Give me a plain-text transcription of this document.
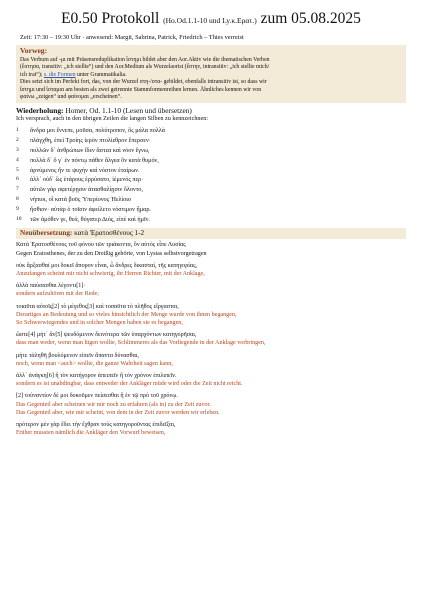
E0.50 Protokoll (Ho.Od.1.1-10 und Ly.κ.Ερατ.) zum 05.08.2025
Zeit: 17:30 – 19:30 Uhr · anwesend: Margit, Sabrina, Patrick, Friedrich – Thies verreist
Vorweg:

Das Verbum auf -μι mit Präsensreduplikation ἵστημι bildet aber den Aor.Aktiv wie die thematischen Verben
(ἔστησα, transitiv: „ich stellte“) und den Aor.Medium als Wurzelaorist (ἔστην, intransitiv: „ich stellte mich/
ich trat“); s. die Formen unter Grammatikalia.
Dies setzt sich im Perfekt fort, das, von der Wurzel στη-/στα- gebildet, ebenfalls intransitiv ist, so dass wir
ἵστημι und ἵσταμαι am besten als zwei getrennte Stammformenreihen lernen. Ähnliches kennen wir von
φαίνω „zeigen“ und φαίνομαι „erscheinen“.

Wiederholung: Homer, Od. 1.1-10 (Lesen und übersetzen)
Ich versprach, auch in den übrigen Zeilen die langen Silben zu kennzeichnen:
1	ἄνδρα μοι ἔννεπε, μοῦσα, πολύτροπον, ὃς μάλα πολλὰ
2	πλάγχθη, ἐπεὶ Τροίης ἱερὸν πτολίεθρον ἔπερσεν·
3	πολλῶν δ᾽ ἀνθρώπων ἴδεν ἄστεα καὶ νόον ἔγνω,
4	πολλὰ δ᾽ ὅ γ᾽ ἐν πόντῳ πάθεν ἄλγεα ὃν κατὰ θυμόν,
5	ἀρνύμενος ἥν τε ψυχὴν καὶ νόστον ἑταίρων.
6	ἀλλ᾽ οὐδ᾽ ὣς ἑτάρους ἐρρύσατο, ἱέμενός περ·
7	αὐτῶν γὰρ σφετέρῃσιν ἀτασθαλίῃσιν ὄλοντο,
8	νήπιοι, οἳ κατὰ βοῦς Ὑπερίονος Ἠελίοιο
9	ἤσθιον· αὐτὰρ ὁ τοῖσιν ἀφείλετο νόστιμον ἦμαρ.
10	τῶν ἁμόθεν γε, θεά, θύγατερ Διός, εἰπὲ καὶ ἡμῖν.
Neuübersetzung: κατὰ Ἐρατοσθένους 1-2

Κατὰ Ἐρατοσθένους τοῦ φόνου τῶν τριάκοντα, ὃν αὐτὸς εἶπε Λυσίας

Gegen Eratosthenes, der zu den Dreißig gehörte, von Lysias selbstvorgetragen

οὐκ ἄρξασθαί μοι δοκεῖ ἄπορον εἶναι, ὦ ἄνδρες δικασταί, τῆς κατηγορίας,

Anzufangen scheint mir nicht schwierig, ihr Herren Richter, mit der Anklage,

ἀλλὰ παύσασθαι λέγοντι[1]·

sondern aufzuhören mit der Rede;

τοιαῦτα αὐτοῖς[2] τὸ μέγεθος[3] καὶ τοσαῦτα τὸ πλῆθος εἴργασται,

Derartiges an Bedeutung und so vieles hinsichtlich der Menge wurde von ihnen begangen,

So Schwerwiegendes und in solcher Mengen haben sie es begangen,

ὥστε[4] μήτ᾽ ἂν[5] ψευδόμενον δεινότερα τῶν ὑπαρχόντων κατηγορῆσαι,

dass man weder, wenn man lügen wollte, Schlimmeres als das Vorliegende in der Anklage vorbringen,

μήτε τἀληθῆ βουλόμενον εἰπεῖν ἅπαντα δύνασθαι,

noch, wenn man <auch> wollte, die ganze Wahrheit sagen kann,

ἀλλ᾽ ἀνάγκη[6] ἢ τὸν κατήγορον ἀπειπεῖν ἢ τὸν χρόνον ἐπιλιπεῖν.

sondern es ist unabdingbar, dass entweder der Ankläger müde wird oder die Zeit nicht reicht.

[2] τοὐναντίον δέ μοι δοκοῦμεν πείσεσθαι ἢ ἐν τῷ πρὸ τοῦ χρόνῳ.

Das Gegenteil aber scheinen wir mir noch zu erfahren (als in) zu der Zeit zuvor.

Das Gegenteil aber, wie mir scheint, von dem in der Zeit zuvor werden wir erleben.

πρότερον μὲν γὰρ ἔδει τὴν ἔχθραν τοὺς κατηγοροῦντας ἐπιδεῖξαι,

Früher mussten nämlich die Ankläger den Vorwurf beweisen,
